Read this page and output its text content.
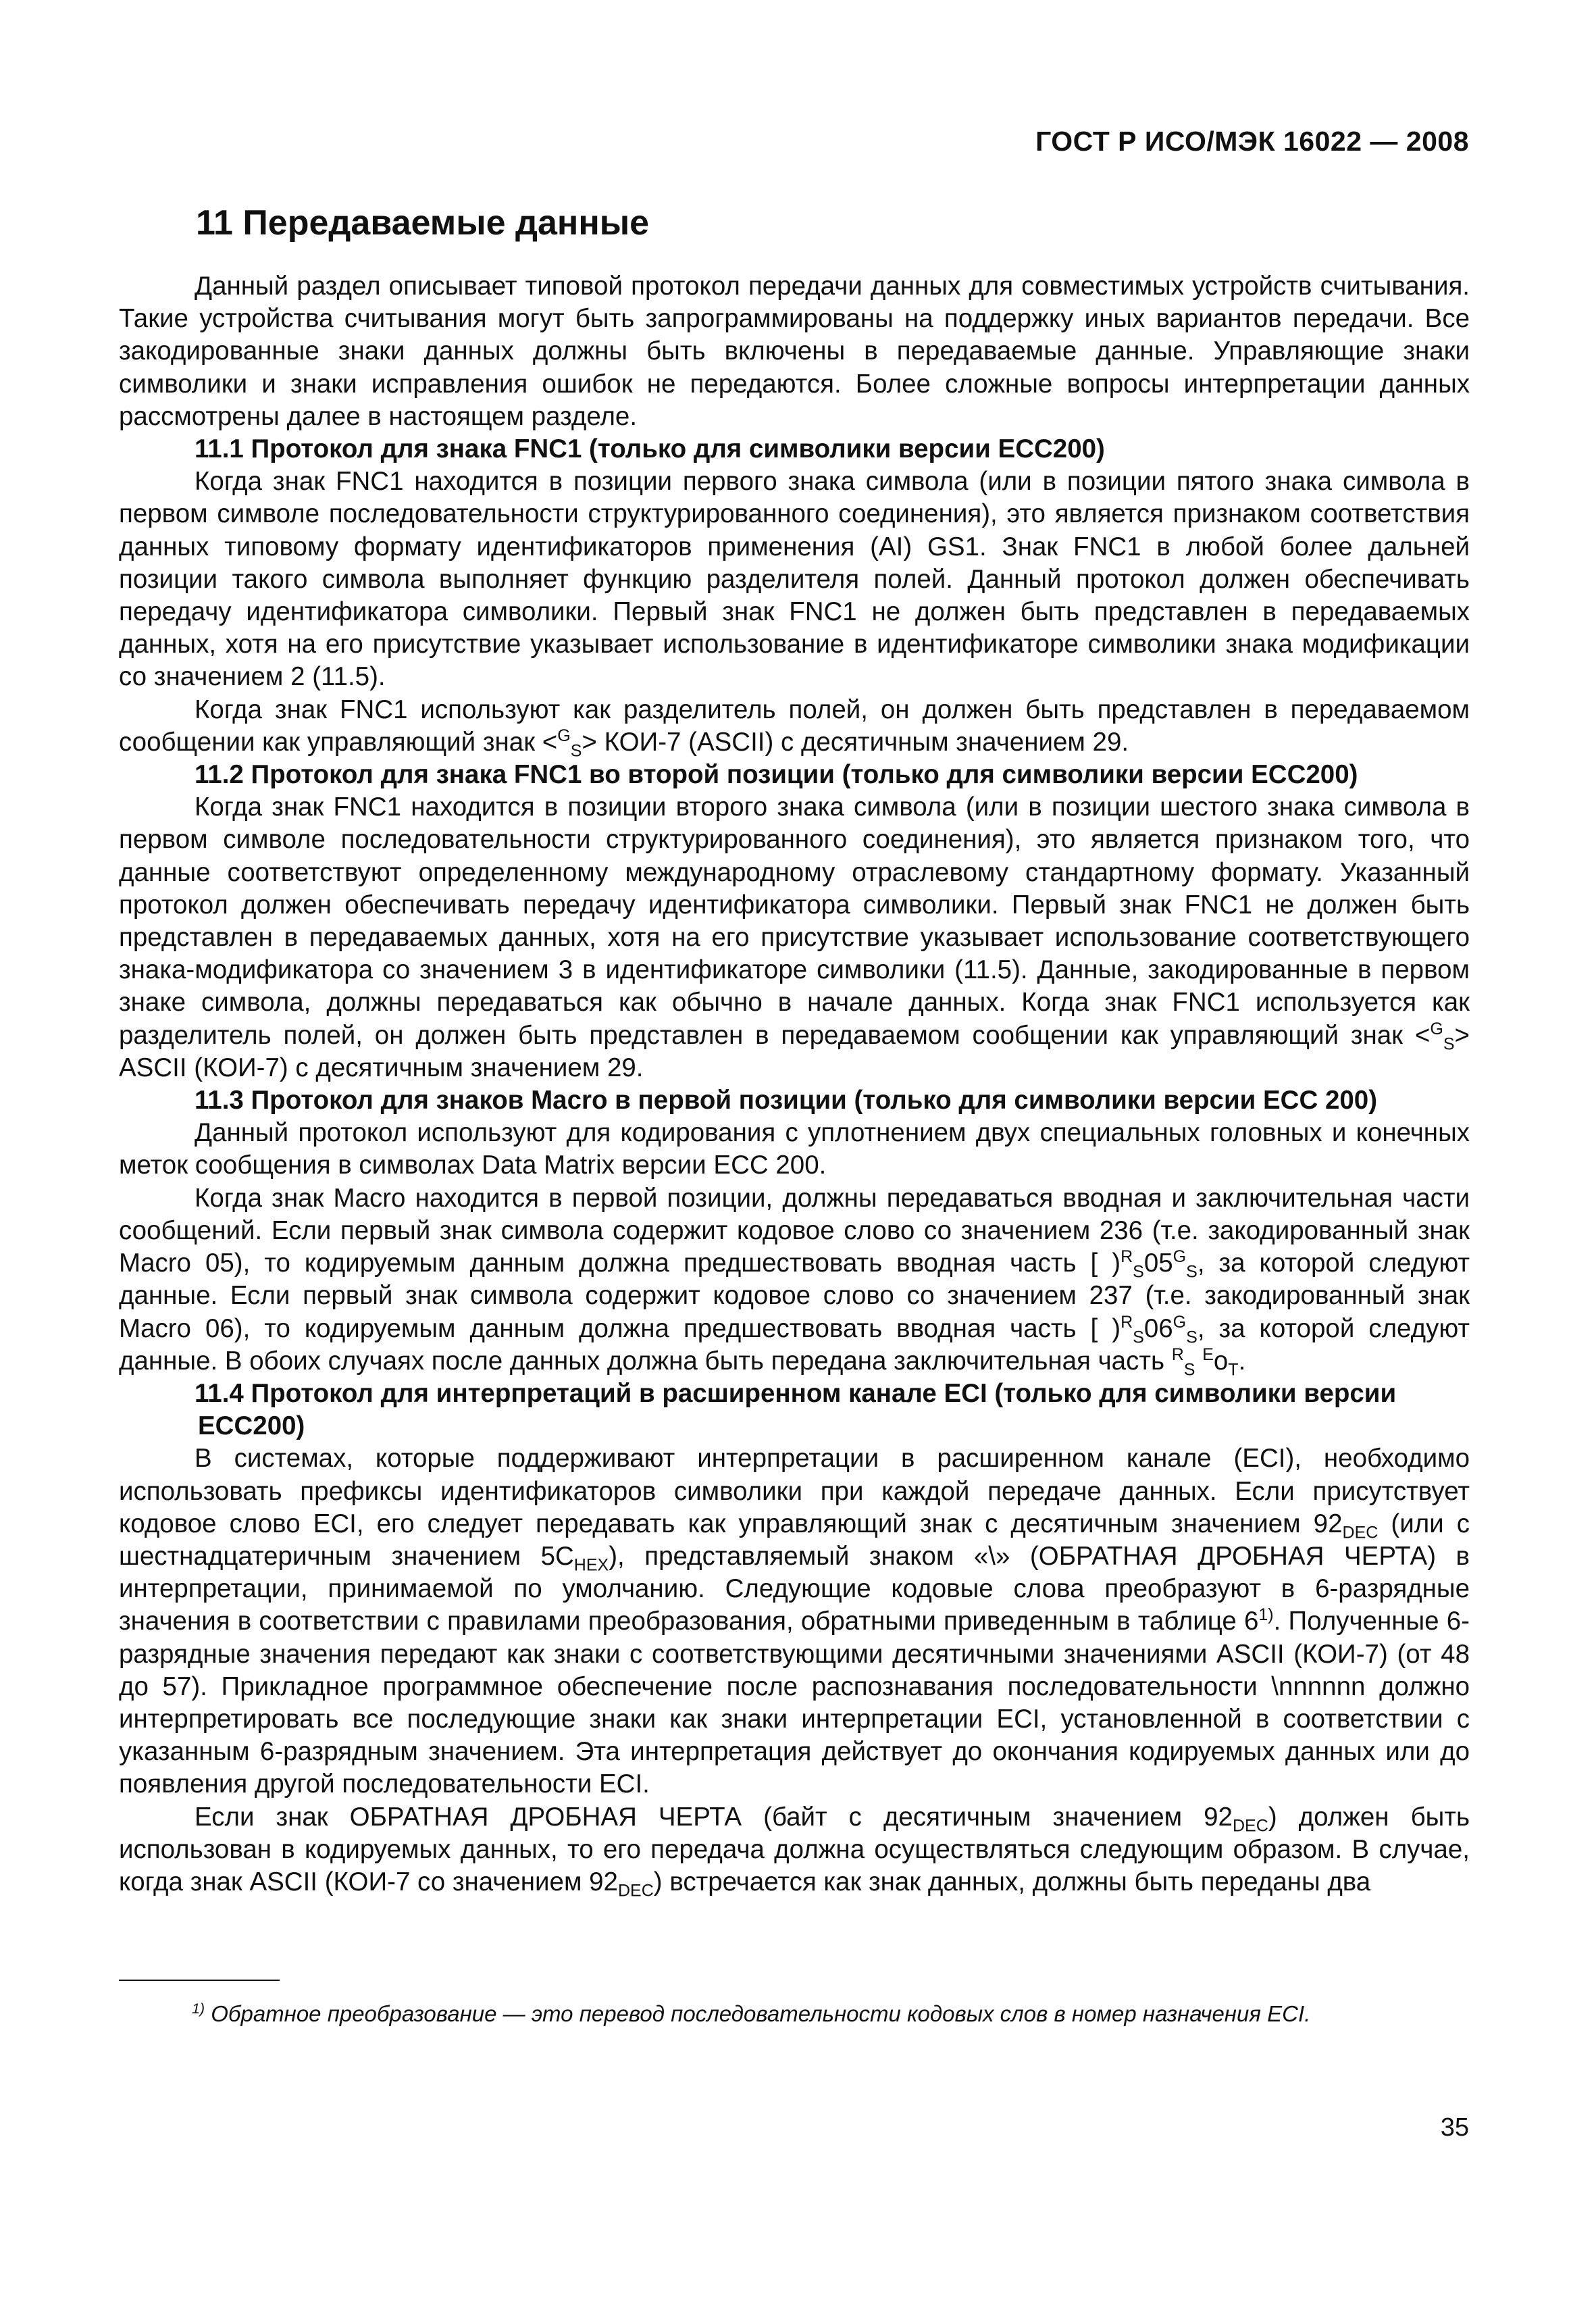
ГОСТ Р ИСО/МЭК 16022 — 2008
11 Передаваемые данные

Данный раздел описывает типовой протокол передачи данных для совместимых устройств считывания. Такие устройства считывания могут быть запрограммированы на поддержку иных вариантов передачи. Все закодированные знаки данных должны быть включены в передаваемые данные. Управляющие знаки символики и знаки исправления ошибок не передаются. Более сложные вопросы интерпретации данных рассмотрены далее в настоящем разделе.

11.1 Протокол для знака FNC1 (только для символики версии ECC200)

Когда знак FNC1 находится в позиции первого знака символа (или в позиции пятого знака символа в первом символе последовательности структурированного соединения), это является признаком соответствия данных типовому формату идентификаторов применения (AI) GS1. Знак FNC1 в любой более дальней позиции такого символа выполняет функцию разделителя полей. Данный протокол должен обеспечивать передачу идентификатора символики. Первый знак FNC1 не должен быть представлен в передаваемых данных, хотя на его присутствие указывает использование в идентификаторе символики знака модификации со значением 2 (11.5).

Когда знак FNC1 используют как разделитель полей, он должен быть представлен в передаваемом сообщении как управляющий знак <$^G_S$> КОИ-7 (ASCII) с десятичным значением 29.

11.2 Протокол для знака FNC1 во второй позиции (только для символики версии ECC200)

Когда знак FNC1 находится в позиции второго знака символа (или в позиции шестого знака символа в первом символе последовательности структурированного соединения), это является признаком того, что данные соответствуют определенному международному отраслевому стандартному формату. Указанный протокол должен обеспечивать передачу идентификатора символики. Первый знак FNC1 не должен быть представлен в передаваемых данных, хотя на его присутствие указывает использование соответствующего знака-модификатора со значением 3 в идентификаторе символики (11.5). Данные, закодированные в первом знаке символа, должны передаваться как обычно в начале данных. Когда знак FNC1 используется как разделитель полей, он должен быть представлен в передаваемом сообщении как управляющий знак <$^G_S$> ASCII (КОИ-7) с десятичным значением 29.

11.3 Протокол для знаков Macro в первой позиции (только для символики версии ECC 200)

Данный протокол используют для кодирования с уплотнением двух специальных головных и конечных меток сообщения в символах Data Matrix версии ECC 200.

Когда знак Macro находится в первой позиции, должны передаваться вводная и заключительная части сообщений. Если первый знак символа содержит кодовое слово со значением 236 (т.е. закодированный знак Macro 05), то кодируемым данным должна предшествовать вводная часть [ )$^R_S05^G_S$, за которой следуют данные. Если первый знак символа содержит кодовое слово со значением 237 (т.е. закодированный знак Macro 06), то кодируемым данным должна предшествовать вводная часть [ )$^R_S06^G_S$, за которой следуют данные. В обоих случаях после данных должна быть передана заключительная часть $^R_S$ $^Eo_T$.

11.4 Протокол для интерпретаций в расширенном канале ECI (только для символики версии

ECC200)

В системах, которые поддерживают интерпретации в расширенном канале (ECI), необходимо использовать префиксы идентификаторов символики при каждой передаче данных. Если присутствует кодовое слово ECI, его следует передавать как управляющий знак с десятичным значением $92_{DEC}$ (или с шестнадцатеричным значением $5C_{HEX}$), представляемый знаком «\» (ОБРАТНАЯ ДРОБНАЯ ЧЕРТА) в интерпретации, принимаемой по умолчанию. Следующие кодовые слова преобразуют в 6-разрядные значения в соответствии с правилами преобразования, обратными приведенным в таблице 6$^{1)}$. Полученные 6-разрядные значения передают как знаки с соответствующими десятичными значениями ASCII (КОИ-7) (от 48 до 57). Прикладное программное обеспечение после распознавания последовательности \nnnnnn должно интерпретировать все последующие знаки как знаки интерпретации ECI, установленной в соответствии с указанным 6-разрядным значением. Эта интерпретация действует до окончания кодируемых данных или до появления другой последовательности ECI.

Если знак ОБРАТНАЯ ДРОБНАЯ ЧЕРТА (байт с десятичным значением $92_{DEC}$) должен быть использован в кодируемых данных, то его передача должна осуществляться следующим образом. В случае, когда знак ASCII (КОИ-7 со значением $92_{DEC}$) встречается как знак данных, должны быть переданы два

$^{1)}$ Обратное преобразование — это перевод последовательности кодовых слов в номер назначения ECI.

35
